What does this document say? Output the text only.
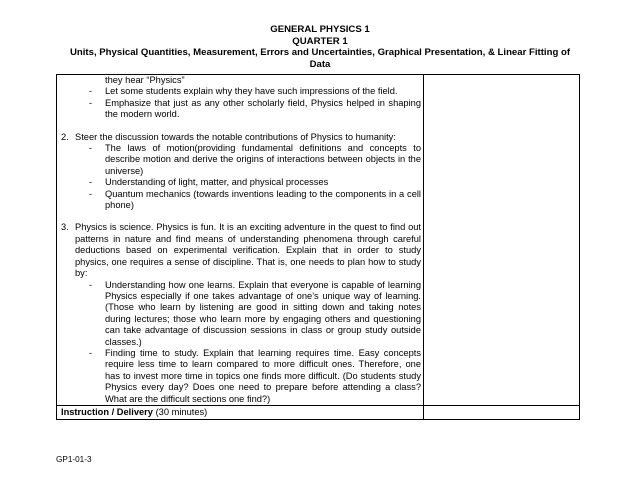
GENERAL PHYSICS 1
QUARTER 1
Units, Physical Quantities, Measurement, Errors and Uncertainties, Graphical Presentation, & Linear Fitting of
Data

they hear “Physics”

- Let some students explain why they have such impressions of the field.
- Emphasize that just as any other scholarly field, Physics helped in shaping the modern world.
2. Steer the discussion towards the notable contributions of Physics to humanity:
- The laws of motion(providing fundamental definitions and concepts to describe motion and derive the origins of interactions between objects in the universe)
- Understanding of light, matter, and physical processes
- Quantum mechanics (towards inventions leading to the components in a cell phone)
3. Physics is science. Physics is fun. It is an exciting adventure in the quest to find out patterns in nature and find means of understanding phenomena through careful deductions based on experimental verification. Explain that in order to study physics, one requires a sense of discipline. That is, one needs to plan how to study by:
- Understanding how one learns. Explain that everyone is capable of learning Physics especially if one takes advantage of one’s unique way of learning. (Those who learn by listening are good in sitting down and taking notes during lectures; those who learn more by engaging others and questioning can take advantage of discussion sessions in class or group study outside classes.)
- Finding time to study. Explain that learning requires time. Easy concepts require less time to learn compared to more difficult ones. Therefore, one has to invest more time in topics one finds more difficult. (Do students study Physics every day? Does one need to prepare before attending a class? What are the difficult sections one find?)
Instruction / Delivery (30 minutes)
GP1-01-3
